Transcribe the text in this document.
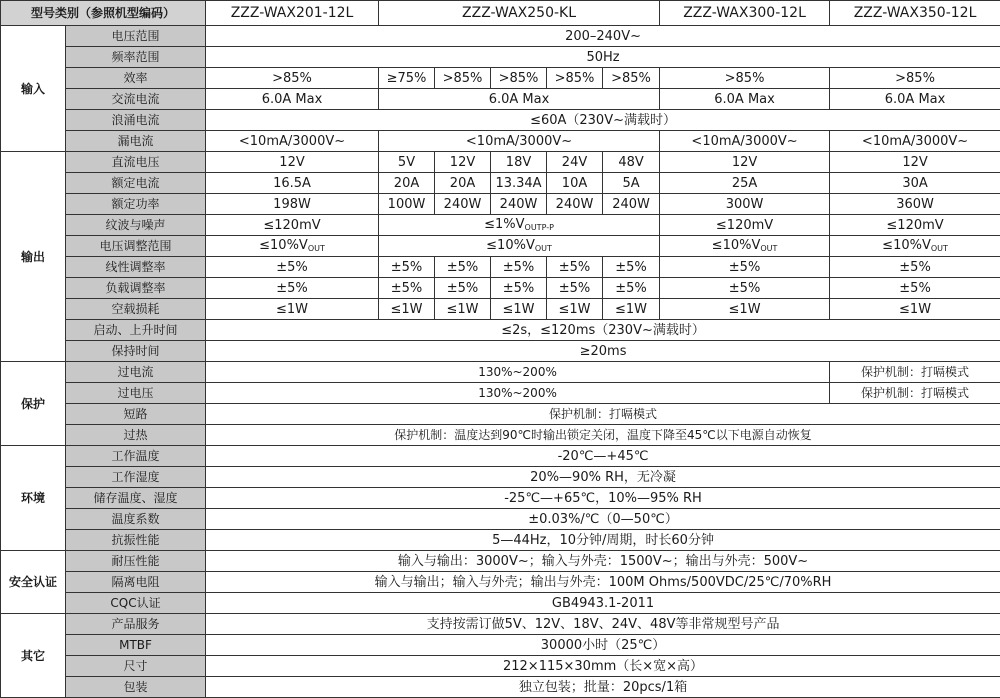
型号类别（参照机型编码）		ZZZ-WAX201-12L	ZZZ-WAX250-KL					ZZZ-WAX300-12L	ZZZ-WAX350-12L
输入	电压范围	200–240V~							
	频率范围	50Hz							
	效率	>85%	≥75%	>85%	>85%	>85%	>85%	>85%	>85%
	交流电流	6.0A Max	6.0A Max					6.0A Max	6.0A Max
	浪涌电流	≤60A（230V~满载时）							
	漏电流	<10mA/3000V~	<10mA/3000V~					<10mA/3000V~	<10mA/3000V~
输出	直流电压	12V	5V	12V	18V	24V	48V	12V	12V
	额定电流	16.5A	20A	20A	13.34A	10A	5A	25A	30A
	额定功率	198W	100W	240W	240W	240W	240W	300W	360W
	纹波与噪声	≤120mV	$\le 1\%V_{OUTP-P}$					≤120mV	≤120mV
	电压调整范围	$\le 10\%V_{OUT}$	$\le 10\%V_{OUT}$					$\le 10\%V_{OUT}$	$\le 10\%V_{OUT}$
	线性调整率	±5%	±5%	±5%	±5%	±5%	±5%	±5%	±5%
	负载调整率	±5%	±5%	±5%	±5%	±5%	±5%	±5%	±5%
	空载损耗	≤1W	≤1W	≤1W	≤1W	≤1W	≤1W	≤1W	≤1W
	启动、上升时间	≤2s，≤120ms（230V~满载时）							
	保持时间	≥20ms							
保护	过电流	130%~200%							保护机制：打嗝模式
	过电压	130%~200%							保护机制：打嗝模式
	短路	保护机制：打嗝模式							
	过热	保护机制：温度达到90℃时输出锁定关闭，温度下降至45℃以下电源自动恢复							
环境	工作温度	-20℃—+45℃							
	工作湿度	20%—90% RH，无冷凝							
	储存温度、湿度	-25℃—+65℃，10%—95% RH							
	温度系数	±0.03%/℃（0—50℃）							
	抗振性能	5—44Hz，10分钟/周期，时长60分钟							
安全认证	耐压性能	输入与输出：3000V~；输入与外壳：1500V~；输出与外壳：500V~							
	隔离电阻	输入与输出；输入与外壳；输出与外壳：100M Ohms/500VDC/25℃/70%RH							
	CQC认证	GB4943.1-2011							
其它	产品服务	支持按需订做5V、12V、18V、24V、48V等非常规型号产品							
	MTBF	30000小时（25℃）							
	尺寸	212×115×30mm（长×宽×高）							
	包装	独立包装；批量：20pcs/1箱							
